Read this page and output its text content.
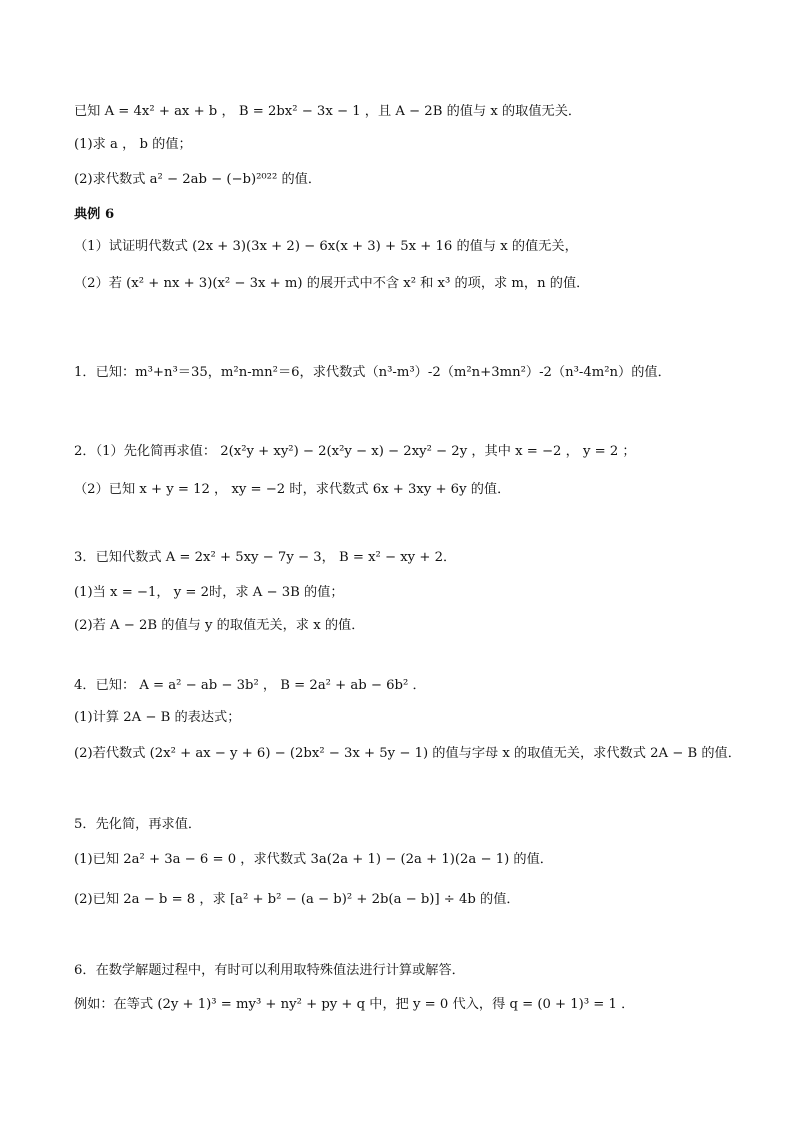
已知 A = 4x² + ax + b ， B = 2bx² − 3x − 1 ，且 A − 2B 的值与 x 的取值无关．
(1)求 a ， b 的值；
(2)求代数式 a² − 2ab − (−b)²⁰²² 的值．
典例 6
（1）试证明代数式 (2x + 3)(3x + 2) − 6x(x + 3) + 5x + 16 的值与 x 的值无关，
（2）若 (x² + nx + 3)(x² − 3x + m) 的展开式中不含 x² 和 x³ 的项，求 m，n 的值．
1．已知：m³+n³＝35，m²n-mn²＝6，求代数式（n³-m³）-2（m²n+3mn²）-2（n³-4m²n）的值．
2．（1）先化简再求值： 2(x²y + xy²) − 2(x²y − x) − 2xy² − 2y ，其中 x = −2 ， y = 2 ；
（2）已知 x + y = 12 ， xy = −2 时，求代数式 6x + 3xy + 6y 的值．
3．已知代数式 A = 2x² + 5xy − 7y − 3， B = x² − xy + 2．
(1)当 x = −1， y = 2时，求 A − 3B 的值；
(2)若 A − 2B 的值与 y 的取值无关，求 x 的值．
4．已知： A = a² − ab − 3b² ， B = 2a² + ab − 6b² ．
(1)计算 2A − B 的表达式；
(2)若代数式 (2x² + ax − y + 6) − (2bx² − 3x + 5y − 1) 的值与字母 x 的取值无关，求代数式 2A − B 的值．
5．先化简，再求值．
(1)已知 2a² + 3a − 6 = 0 ，求代数式 3a(2a + 1) − (2a + 1)(2a − 1) 的值．
(2)已知 2a − b = 8 ，求 [a² + b² − (a − b)² + 2b(a − b)] ÷ 4b 的值．
6．在数学解题过程中，有时可以利用取特殊值法进行计算或解答．
例如：在等式 (2y + 1)³ = my³ + ny² + py + q 中，把 y = 0 代入，得 q = (0 + 1)³ = 1 ．
